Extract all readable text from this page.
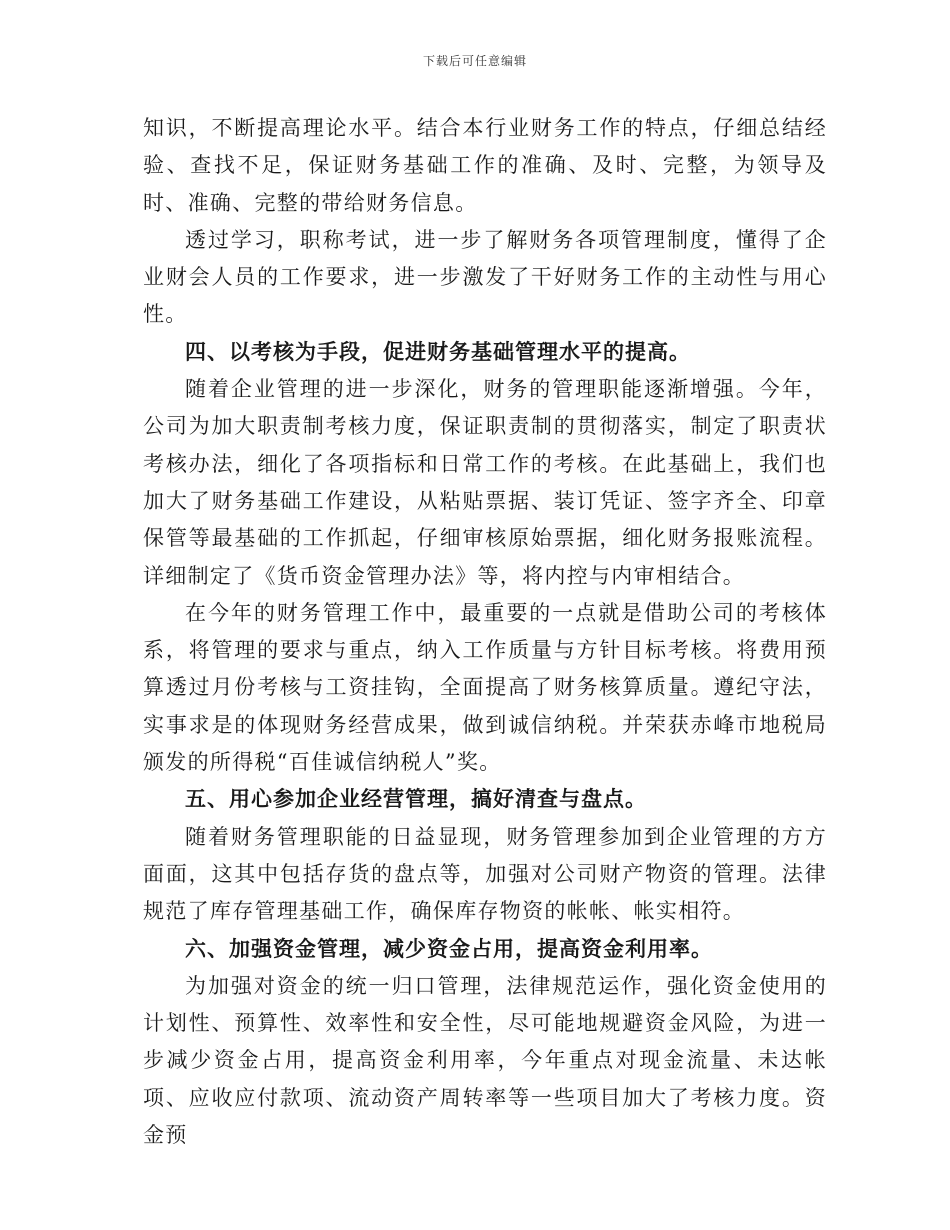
下载后可任意编辑

知识，不断提高理论水平。结合本行业财务工作的特点，仔细总结经验、查找不足，保证财务基础工作的准确、及时、完整，为领导及时、准确、完整的带给财务信息。

透过学习，职称考试，进一步了解财务各项管理制度，懂得了企业财会人员的工作要求，进一步激发了干好财务工作的主动性与用心性。

四、以考核为手段，促进财务基础管理水平的提高。

随着企业管理的进一步深化，财务的管理职能逐渐增强。今年，公司为加大职责制考核力度，保证职责制的贯彻落实，制定了职责状考核办法，细化了各项指标和日常工作的考核。在此基础上，我们也加大了财务基础工作建设，从粘贴票据、装订凭证、签字齐全、印章保管等最基础的工作抓起，仔细审核原始票据，细化财务报账流程。详细制定了《货币资金管理办法》等，将内控与内审相结合。

在今年的财务管理工作中，最重要的一点就是借助公司的考核体系，将管理的要求与重点，纳入工作质量与方针目标考核。将费用预算透过月份考核与工资挂钩，全面提高了财务核算质量。遵纪守法，实事求是的体现财务经营成果，做到诚信纳税。并荣获赤峰市地税局颁发的所得税“百佳诚信纳税人”奖。

五、用心参加企业经营管理，搞好清查与盘点。

随着财务管理职能的日益显现，财务管理参加到企业管理的方方面面，这其中包括存货的盘点等，加强对公司财产物资的管理。法律规范了库存管理基础工作，确保库存物资的帐帐、帐实相符。

六、加强资金管理，减少资金占用，提高资金利用率。

为加强对资金的统一归口管理，法律规范运作，强化资金使用的计划性、预算性、效率性和安全性，尽可能地规避资金风险，为进一步减少资金占用，提高资金利用率，今年重点对现金流量、未达帐项、应收应付款项、流动资产周转率等一些项目加大了考核力度。资金预
